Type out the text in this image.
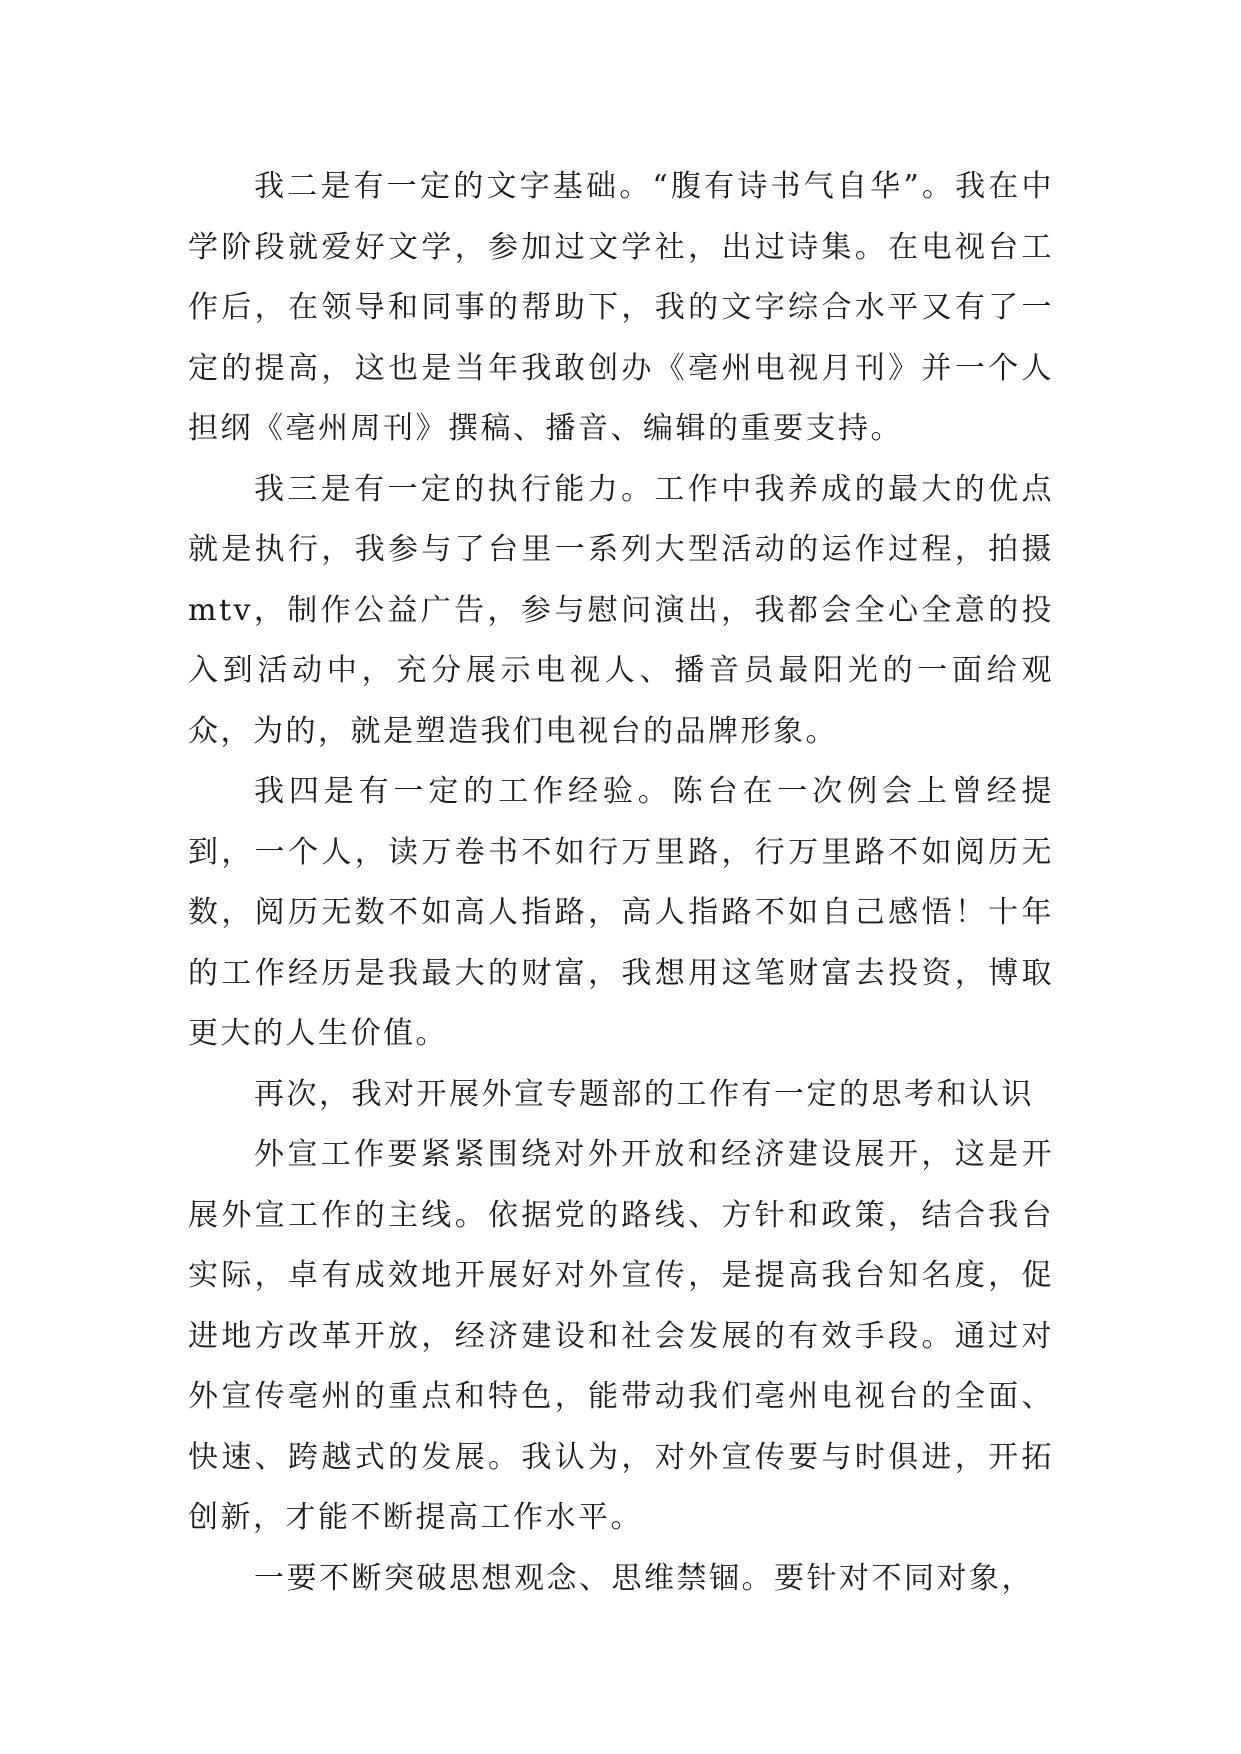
我二是有一定的文字基础。“腹有诗书气自华”。我在中学阶段就爱好文学，参加过文学社，出过诗集。在电视台工作后，在领导和同事的帮助下，我的文字综合水平又有了一定的提高，这也是当年我敢创办《亳州电视月刊》并一个人担纲《亳州周刊》撰稿、播音、编辑的重要支持。

我三是有一定的执行能力。工作中我养成的最大的优点就是执行，我参与了台里一系列大型活动的运作过程，拍摄mtv，制作公益广告，参与慰问演出，我都会全心全意的投入到活动中，充分展示电视人、播音员最阳光的一面给观众，为的，就是塑造我们电视台的品牌形象。

我四是有一定的工作经验。陈台在一次例会上曾经提到，一个人，读万卷书不如行万里路，行万里路不如阅历无数，阅历无数不如高人指路，高人指路不如自己感悟！十年的工作经历是我最大的财富，我想用这笔财富去投资，博取更大的人生价值。

再次，我对开展外宣专题部的工作有一定的思考和认识

外宣工作要紧紧围绕对外开放和经济建设展开，这是开展外宣工作的主线。依据党的路线、方针和政策，结合我台实际，卓有成效地开展好对外宣传，是提高我台知名度，促进地方改革开放，经济建设和社会发展的有效手段。通过对外宣传亳州的重点和特色，能带动我们亳州电视台的全面、快速、跨越式的发展。我认为，对外宣传要与时俱进，开拓创新，才能不断提高工作水平。

一要不断突破思想观念、思维禁锢。要针对不同对象，
